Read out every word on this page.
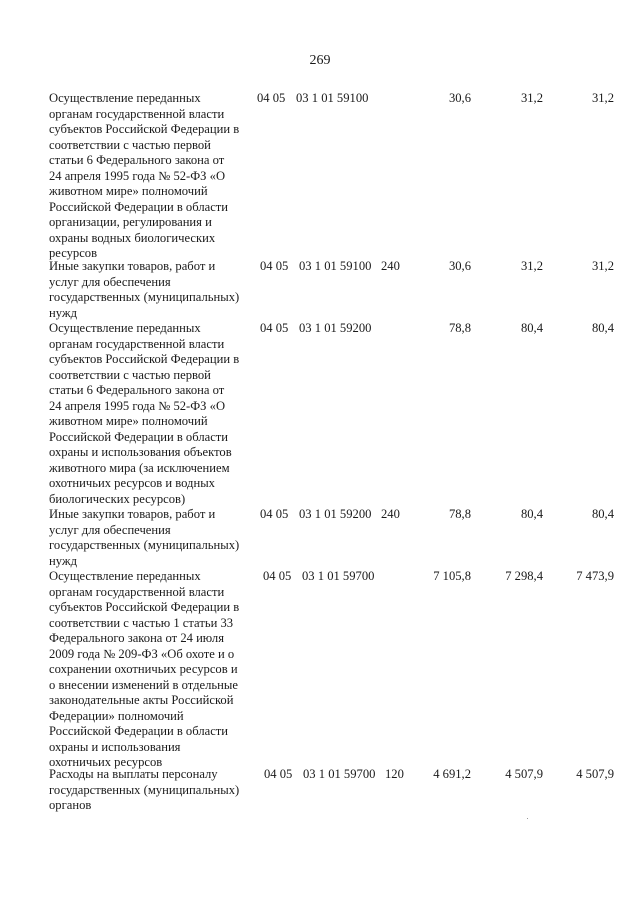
269
Осуществление переданных
органам государственной власти
субъектов Российской Федерации в
соответствии с частью первой
статьи 6 Федерального закона от
24 апреля 1995 года № 52-ФЗ «О
животном мире» полномочий
Российской Федерации в области
организации, регулирования и
охраны водных биологических
ресурсов
04 05 03 1 01 59100	30,6	31,2	31,2
Иные закупки товаров, работ и
услуг для обеспечения
государственных (муниципальных)
нужд
04 05 03 1 01 59100 240	30,6	31,2	31,2
Осуществление переданных
органам государственной власти
субъектов Российской Федерации в
соответствии с частью первой
статьи 6 Федерального закона от
24 апреля 1995 года № 52-ФЗ «О
животном мире» полномочий
Российской Федерации в области
охраны и использования объектов
животного мира (за исключением
охотничьих ресурсов и водных
биологических ресурсов)
04 05 03 1 01 59200	78,8	80,4	80,4
Иные закупки товаров, работ и
услуг для обеспечения
государственных (муниципальных)
нужд
04 05 03 1 01 59200 240	78,8	80,4	80,4
Осуществление переданных
органам государственной власти
субъектов Российской Федерации в
соответствии с частью 1 статьи 33
Федерального закона от 24 июля
2009 года № 209-ФЗ «Об охоте и о
сохранении охотничьих ресурсов и
о внесении изменений в отдельные
законодательные акты Российской
Федерации» полномочий
Российской Федерации в области
охраны и использования
охотничьих ресурсов
04 05 03 1 01 59700	7 105,8	7 298,4	7 473,9
Расходы на выплаты персоналу
государственных (муниципальных)
органов
04 05 03 1 01 59700 120 4 691,2	4 507,9	4 507,9
